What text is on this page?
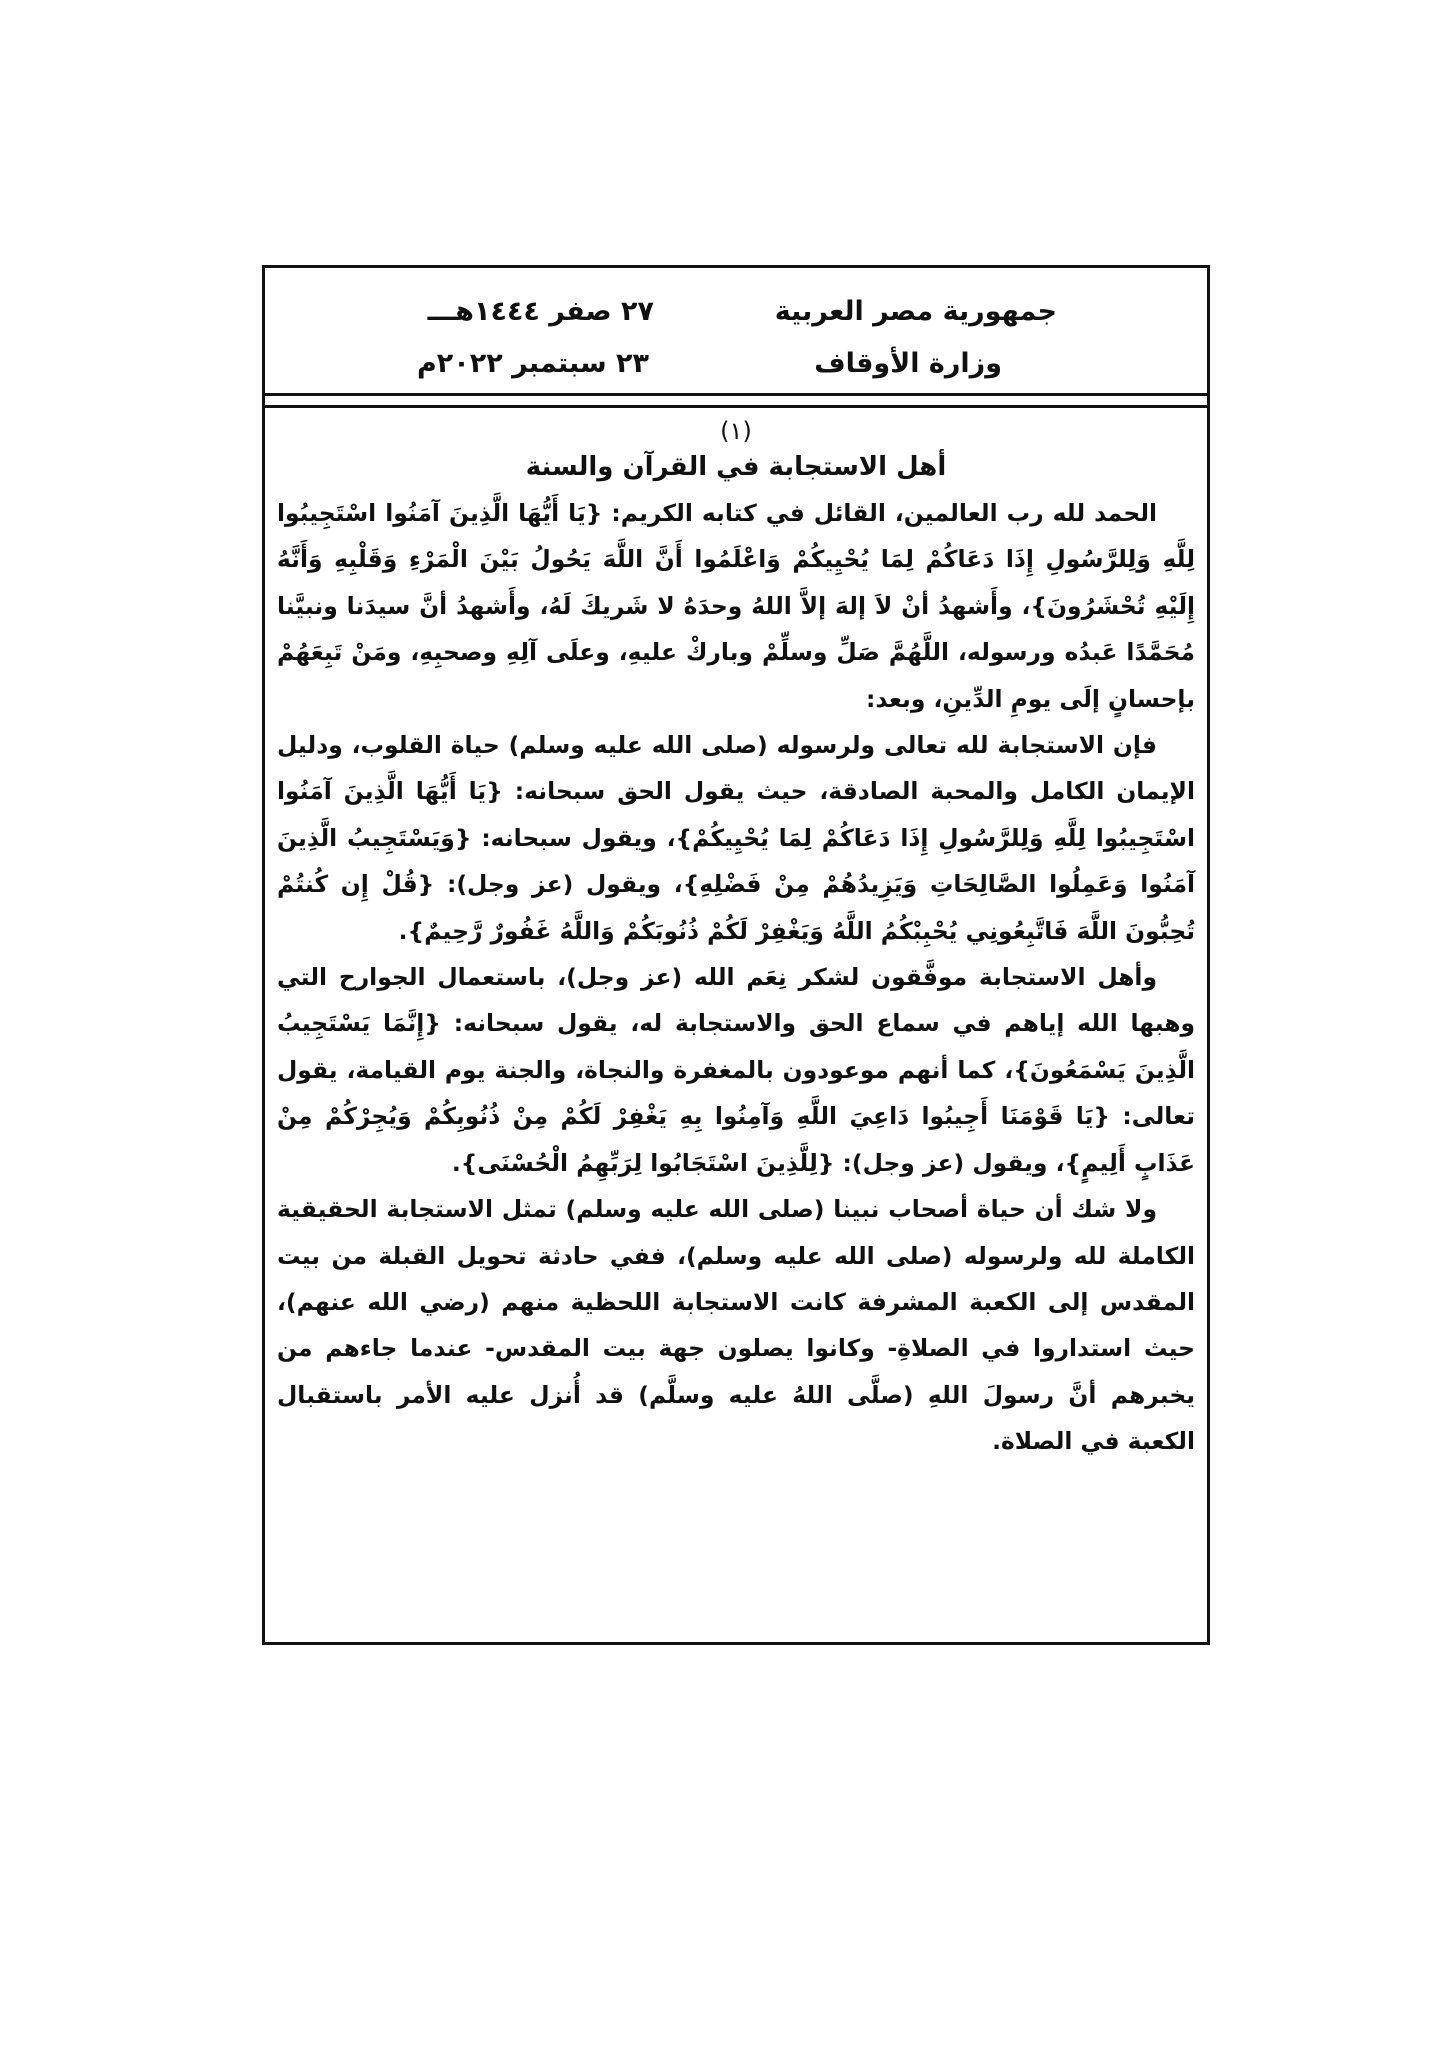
جمهورية مصر العربية
وزارة الأوقاف
٢٧ صفر ١٤٤٤هـــ
٢٣ سبتمبر ٢٠٢٢م

(١)

أهل الاستجابة في القرآن والسنة

الحمد لله رب العالمين، القائل في كتابه الكريم: {يَا أَيُّهَا الَّذِينَ آمَنُوا اسْتَجِيبُوا لِلَّهِ وَلِلرَّسُولِ إِذَا دَعَاكُمْ لِمَا يُحْيِيكُمْ وَاعْلَمُوا أَنَّ اللَّهَ يَحُولُ بَيْنَ الْمَرْءِ وَقَلْبِهِ وَأَنَّهُ إِلَيْهِ تُحْشَرُونَ}، وأَشهدُ أنْ لاَ إلهَ إلاَّ اللهُ وحدَهُ لا شَريكَ لَهُ، وأَشهدُ أنَّ سيدَنا ونبيَّنا مُحَمَّدًا عَبدُه ورسوله، اللَّهُمَّ صَلِّ وسلِّمْ وباركْ عليهِ، وعلَى آلِهِ وصحبِهِ، ومَنْ تَبِعَهُمْ بإحسانٍ إلَى يومِ الدِّينِ، وبعد:

فإن الاستجابة لله تعالى ولرسوله (صلى الله عليه وسلم) حياة القلوب، ودليل الإيمان الكامل والمحبة الصادقة، حيث يقول الحق سبحانه: {يَا أَيُّهَا الَّذِينَ آمَنُوا اسْتَجِيبُوا لِلَّهِ وَلِلرَّسُولِ إِذَا دَعَاكُمْ لِمَا يُحْيِيكُمْ}، ويقول سبحانه: {وَيَسْتَجِيبُ الَّذِينَ آمَنُوا وَعَمِلُوا الصَّالِحَاتِ وَيَزِيدُهُمْ مِنْ فَضْلِهِ}، ويقول (عز وجل): {قُلْ إِن كُنتُمْ تُحِبُّونَ اللَّهَ فَاتَّبِعُونِي يُحْبِبْكُمُ اللَّهُ وَيَغْفِرْ لَكُمْ ذُنُوبَكُمْ وَاللَّهُ غَفُورٌ رَّحِيمٌ}.

وأهل الاستجابة موفَّقون لشكر نِعَم الله (عز وجل)، باستعمال الجوارح التي وهبها الله إياهم في سماع الحق والاستجابة له، يقول سبحانه: {إِنَّمَا يَسْتَجِيبُ الَّذِينَ يَسْمَعُونَ}، كما أنهم موعودون بالمغفرة والنجاة، والجنة يوم القيامة، يقول تعالى: {يَا قَوْمَنَا أَجِيبُوا دَاعِيَ اللَّهِ وَآمِنُوا بِهِ يَغْفِرْ لَكُمْ مِنْ ذُنُوبِكُمْ وَيُجِرْكُمْ مِنْ عَذَابٍ أَلِيمٍ}، ويقول (عز وجل): {لِلَّذِينَ اسْتَجَابُوا لِرَبِّهِمُ الْحُسْنَى}.

ولا شك أن حياة أصحاب نبينا (صلى الله عليه وسلم) تمثل الاستجابة الحقيقية الكاملة لله ولرسوله (صلى الله عليه وسلم)، ففي حادثة تحويل القبلة من بيت المقدس إلى الكعبة المشرفة كانت الاستجابة اللحظية منهم (رضي الله عنهم)، حيث استداروا في الصلاةِ- وكانوا يصلون جهة بيت المقدس- عندما جاءهم من يخبرهم أنَّ رسولَ اللهِ (صلَّى اللهُ عليه وسلَّم) قد أُنزل عليه الأمر باستقبال الكعبة في الصلاة.
